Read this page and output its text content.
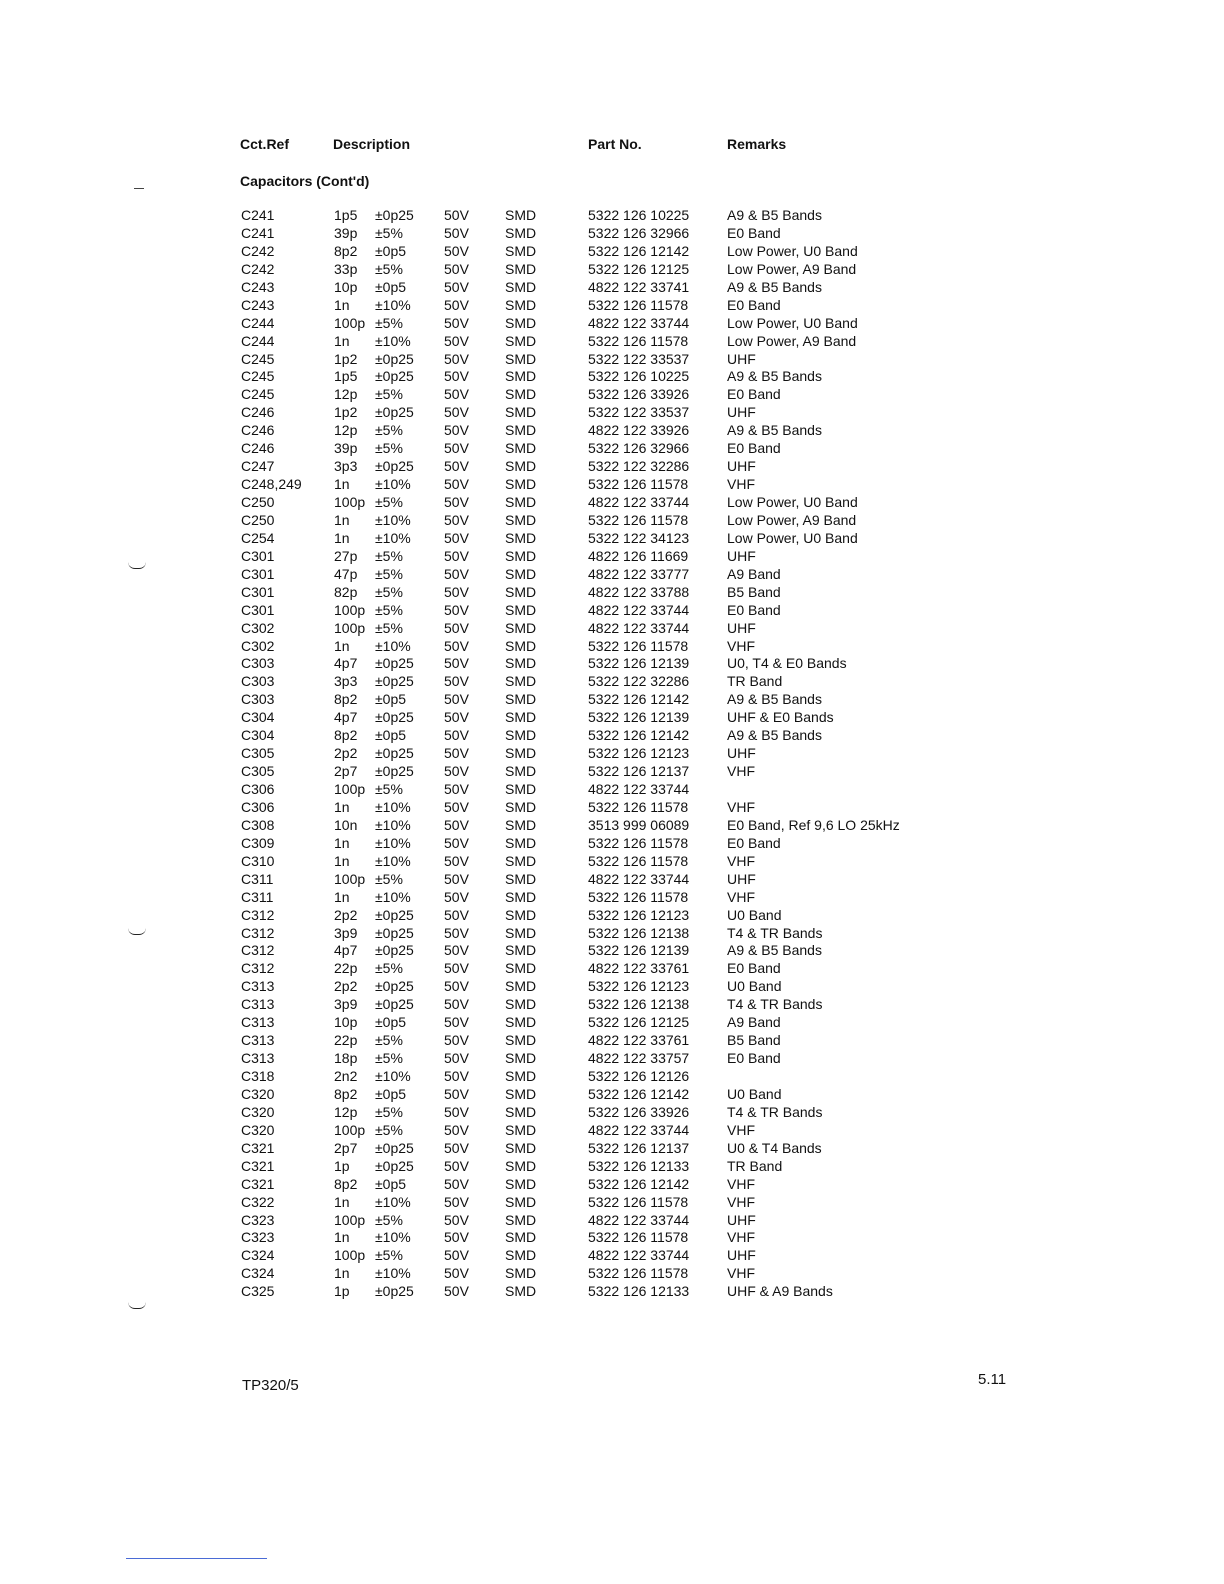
Cct.Ref	Description	Part No.	Remarks
Capacitors (Cont'd)
C241	1p5 ±0p25 50V	SMD	5322 126 10225	A9 & B5 Bands
C241	39p ±5%	50V	SMD	5322 126 32966	E0 Band
C242	8p2 ±0p5	50V	SMD	5322 126 12142	Low Power, U0 Band
C242	33p ±5%	50V	SMD	5322 126 12125	Low Power, A9 Band
C243	10p ±0p5	50V	SMD	4822 122 33741	A9 & B5 Bands
C243	1n ±10% 50V	SMD	5322 126 11578	E0 Band
C244	100p ±5%	50V	SMD	4822 122 33744	Low Power, U0 Band
C244	1n ±10% 50V	SMD	5322 126 11578	Low Power, A9 Band
C245	1p2 ±0p25 50V	SMD	5322 122 33537	UHF
C245	1p5 ±0p25 50V	SMD	5322 126 10225	A9 & B5 Bands
C245	12p ±5%	50V	SMD	5322 126 33926	E0 Band
C246	1p2 ±0p25 50V	SMD	5322 122 33537	UHF
C246	12p ±5%	50V	SMD	4822 122 33926	A9 & B5 Bands
C246	39p ±5%	50V	SMD	5322 126 32966	E0 Band
C247	3p3 ±0p25 50V	SMD	5322 122 32286	UHF
C248,249 1n ±10% 50V	SMD	5322 126 11578	VHF
C250	100p ±5%	50V	SMD	4822 122 33744	Low Power, U0 Band
C250	1n ±10% 50V	SMD	5322 126 11578	Low Power, A9 Band
C254	1n ±10% 50V	SMD	5322 122 34123	Low Power, U0 Band
C301	27p ±5%	50V	SMD	4822 126 11669	UHF
C301	47p ±5%	50V	SMD	4822 122 33777	A9 Band
C301	82p ±5%	50V	SMD	4822 122 33788	B5 Band
C301	100p ±5%	50V	SMD	4822 122 33744	E0 Band
C302	100p ±5%	50V	SMD	4822 122 33744	UHF
C302	1n ±10% 50V	SMD	5322 126 11578	VHF
C303	4p7 ±0p25 50V	SMD	5322 126 12139	U0, T4 & E0 Bands
C303	3p3 ±0p25 50V	SMD	5322 122 32286	TR Band
C303	8p2 ±0p5	50V	SMD	5322 126 12142	A9 & B5 Bands
C304	4p7 ±0p25 50V	SMD	5322 126 12139	UHF & E0 Bands
C304	8p2 ±0p5	50V	SMD	5322 126 12142	A9 & B5 Bands
C305	2p2 ±0p25 50V	SMD	5322 126 12123	UHF
C305	2p7 ±0p25 50V	SMD	5322 126 12137	VHF
C306	100p ±5%	50V	SMD	4822 122 33744
C306	1n ±10% 50V	SMD	5322 126 11578	VHF
C308	10n ±10% 50V	SMD	3513 999 06089	E0 Band, Ref 9,6 LO 25kHz
C309	1n ±10% 50V	SMD	5322 126 11578	E0 Band
C310	1n ±10% 50V	SMD	5322 126 11578	VHF
C311	100p ±5%	50V	SMD	4822 122 33744	UHF
C311	1n ±10% 50V	SMD	5322 126 11578	VHF
C312	2p2 ±0p25 50V	SMD	5322 126 12123	U0 Band
C312	3p9 ±0p25 50V	SMD	5322 126 12138	T4 & TR Bands
C312	4p7 ±0p25 50V	SMD	5322 126 12139	A9 & B5 Bands
C312	22p ±5%	50V	SMD	4822 122 33761	E0 Band
C313	2p2 ±0p25 50V	SMD	5322 126 12123	U0 Band
C313	3p9 ±0p25 50V	SMD	5322 126 12138	T4 & TR Bands
C313	10p ±0p5	50V	SMD	5322 126 12125	A9 Band
C313	22p ±5%	50V	SMD	4822 122 33761	B5 Band
C313	18p ±5%	50V	SMD	4822 122 33757	E0 Band
C318	2n2 ±10% 50V	SMD	5322 126 12126
C320	8p2 ±0p5	50V	SMD	5322 126 12142	U0 Band
C320	12p ±5%	50V	SMD	5322 126 33926	T4 & TR Bands
C320	100p ±5%	50V	SMD	4822 122 33744	VHF
C321	2p7 ±0p25 50V	SMD	5322 126 12137	U0 & T4 Bands
C321	1p ±0p25 50V	SMD	5322 126 12133	TR Band
C321	8p2 ±0p5	50V	SMD	5322 126 12142	VHF
C322	1n ±10% 50V	SMD	5322 126 11578	VHF
C323	100p ±5%	50V	SMD	4822 122 33744	UHF
C323	1n ±10% 50V	SMD	5322 126 11578	VHF
C324	100p ±5%	50V	SMD	4822 122 33744	UHF
C324	1n ±10% 50V	SMD	5322 126 11578	VHF
C325	1p ±0p25 50V	SMD	5322 126 12133	UHF & A9 Bands
TP320/5	5.11
